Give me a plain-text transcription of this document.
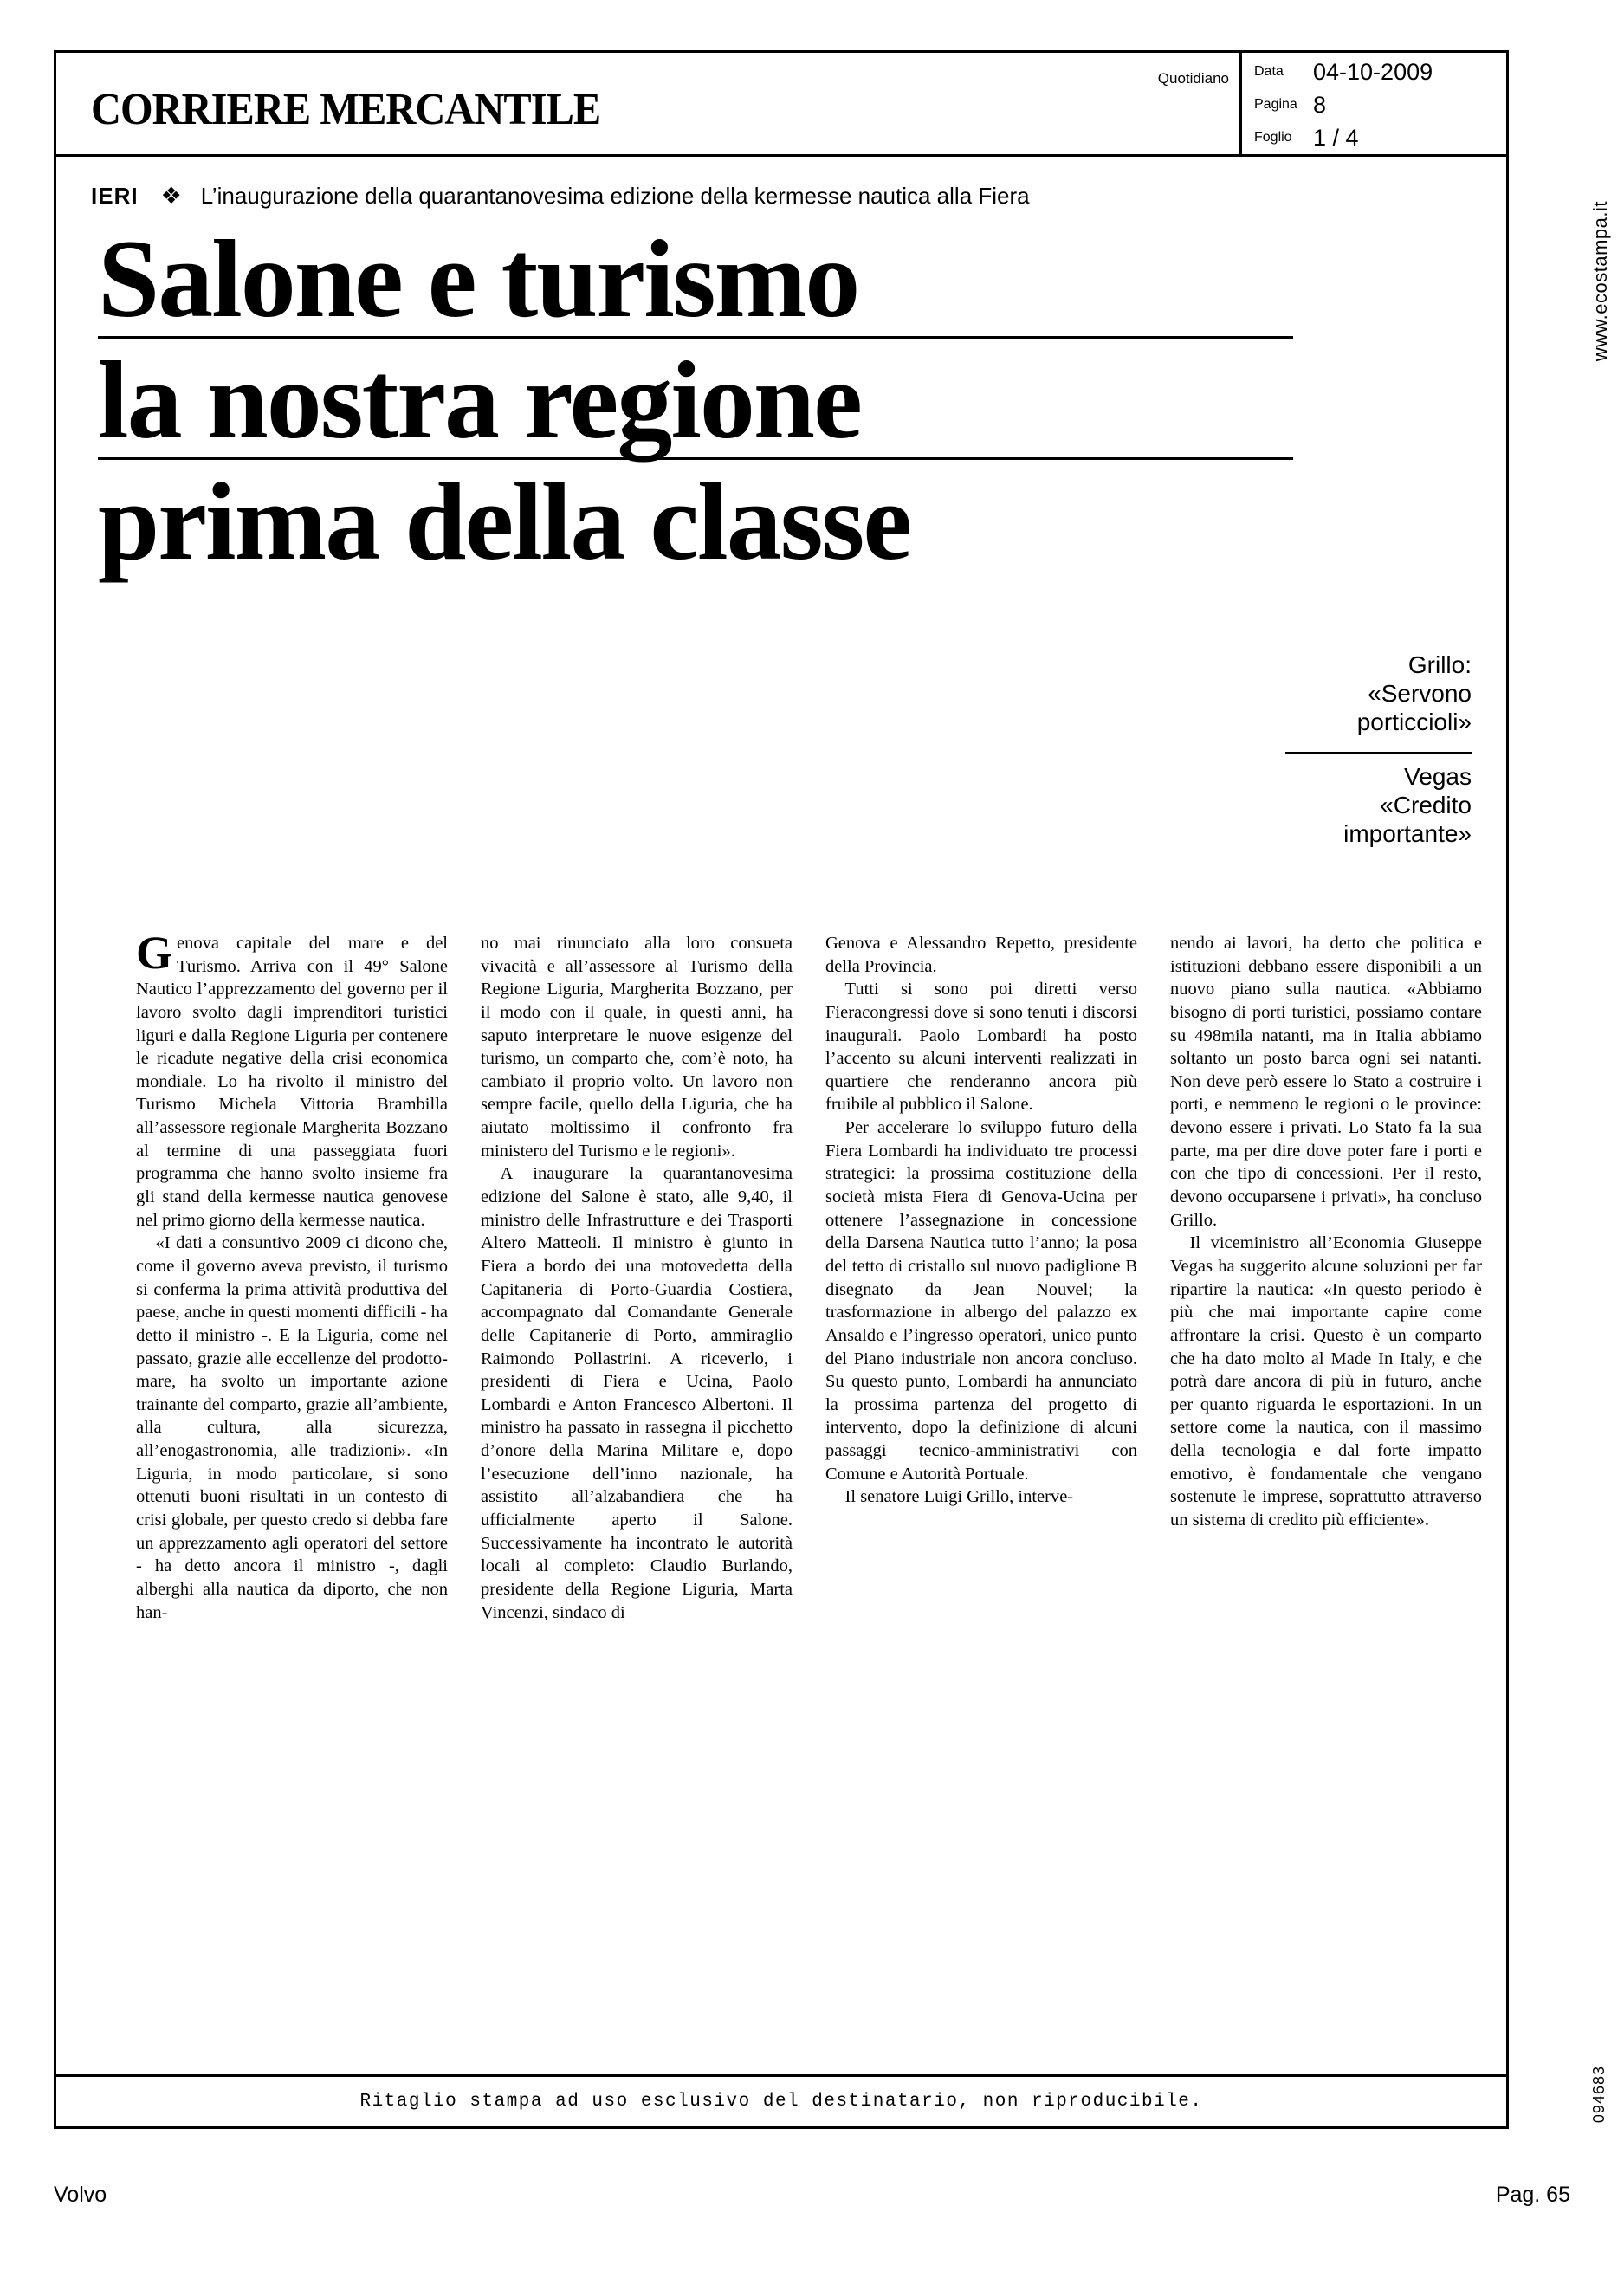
www.ecostampa.it
094683
CORRIERE MERCANTILE
Quotidiano	Data	04-10-2009
Pagina 8
Foglio 1 / 4
IERI ❖ L’inaugurazione della quarantanovesima edizione della kermesse nautica alla Fiera
Salone e turismo
la nostra regione
prima della classe
Grillo:
«Servono
porticcioli»
Vegas
«Credito
importante»

Genova capitale del mare e del Turismo. Arriva con il 49° Salone Nautico l’apprezzamento del governo per il lavoro svolto dagli imprenditori turistici liguri e dalla Regione Liguria per contenere le ricadute negative della crisi economica mondiale. Lo ha rivolto il ministro del Turismo Michela Vittoria Brambilla all’assessore regionale Margherita Bozzano al termine di una passeggiata fuori programma che hanno svolto insieme fra gli stand della kermesse nautica genovese nel primo giorno della kermesse nautica.

«I dati a consuntivo 2009 ci dicono che, come il governo aveva previsto, il turismo si conferma la prima attività produttiva del paese, anche in questi momenti difficili - ha detto il ministro -. E la Liguria, come nel passato, grazie alle eccellenze del prodotto-mare, ha svolto un importante azione trainante del comparto, grazie all’ambiente, alla cultura, alla sicurezza, all’enogastronomia, alle tradizioni». «In Liguria, in modo particolare, si sono ottenuti buoni risultati in un contesto di crisi globale, per questo credo si debba fare un apprezzamento agli operatori del settore - ha detto ancora il ministro -, dagli alberghi alla nautica da diporto, che non han-

no mai rinunciato alla loro consueta vivacità e all’assessore al Turismo della Regione Liguria, Margherita Bozzano, per il modo con il quale, in questi anni, ha saputo interpretare le nuove esigenze del turismo, un comparto che, com’è noto, ha cambiato il proprio volto. Un lavoro non sempre facile, quello della Liguria, che ha aiutato moltissimo il confronto fra ministero del Turismo e le regioni».

A inaugurare la quarantanovesima edizione del Salone è stato, alle 9,40, il ministro delle Infrastrutture e dei Trasporti Altero Matteoli. Il ministro è giunto in Fiera a bordo dei una motovedetta della Capitaneria di Porto-Guardia Costiera, accompagnato dal Comandante Generale delle Capitanerie di Porto, ammiraglio Raimondo Pollastrini. A riceverlo, i presidenti di Fiera e Ucina, Paolo Lombardi e Anton Francesco Albertoni. Il ministro ha passato in rassegna il picchetto d’onore della Marina Militare e, dopo l’esecuzione dell’inno nazionale, ha assistito all’alzabandiera che ha ufficialmente aperto il Salone. Successivamente ha incontrato le autorità locali al completo: Claudio Burlando, presidente della Regione Liguria, Marta Vincenzi, sindaco di

Genova e Alessandro Repetto, presidente della Provincia.

Tutti si sono poi diretti verso Fieracongressi dove si sono tenuti i discorsi inaugurali. Paolo Lombardi ha posto l’accento su alcuni interventi realizzati in quartiere che renderanno ancora più fruibile al pubblico il Salone.

Per accelerare lo sviluppo futuro della Fiera Lombardi ha individuato tre processi strategici: la prossima costituzione della società mista Fiera di Genova-Ucina per ottenere l’assegnazione in concessione della Darsena Nautica tutto l’anno; la posa del tetto di cristallo sul nuovo padiglione B disegnato da Jean Nouvel; la trasformazione in albergo del palazzo ex Ansaldo e l’ingresso operatori, unico punto del Piano industriale non ancora concluso. Su questo punto, Lombardi ha annunciato la prossima partenza del progetto di intervento, dopo la definizione di alcuni passaggi tecnico-amministrativi con Comune e Autorità Portuale.

Il senatore Luigi Grillo, interve-

nendo ai lavori, ha detto che politica e istituzioni debbano essere disponibili a un nuovo piano sulla nautica. «Abbiamo bisogno di porti turistici, possiamo contare su 498mila natanti, ma in Italia abbiamo soltanto un posto barca ogni sei natanti. Non deve però essere lo Stato a costruire i porti, e nemmeno le regioni o le province: devono essere i privati. Lo Stato fa la sua parte, ma per dire dove poter fare i porti e con che tipo di concessioni. Per il resto, devono occuparsene i privati», ha concluso Grillo.

Il viceministro all’Economia Giuseppe Vegas ha suggerito alcune soluzioni per far ripartire la nautica: «In questo periodo è più che mai importante capire come affrontare la crisi. Questo è un comparto che ha dato molto al Made In Italy, e che potrà dare ancora di più in futuro, anche per quanto riguarda le esportazioni. In un settore come la nautica, con il massimo della tecnologia e dal forte impatto emotivo, è fondamentale che vengano sostenute le imprese, soprattutto attraverso un sistema di credito più efficiente».

Ritaglio stampa ad uso esclusivo del destinatario, non riproducibile.
Volvo	Pag. 65
